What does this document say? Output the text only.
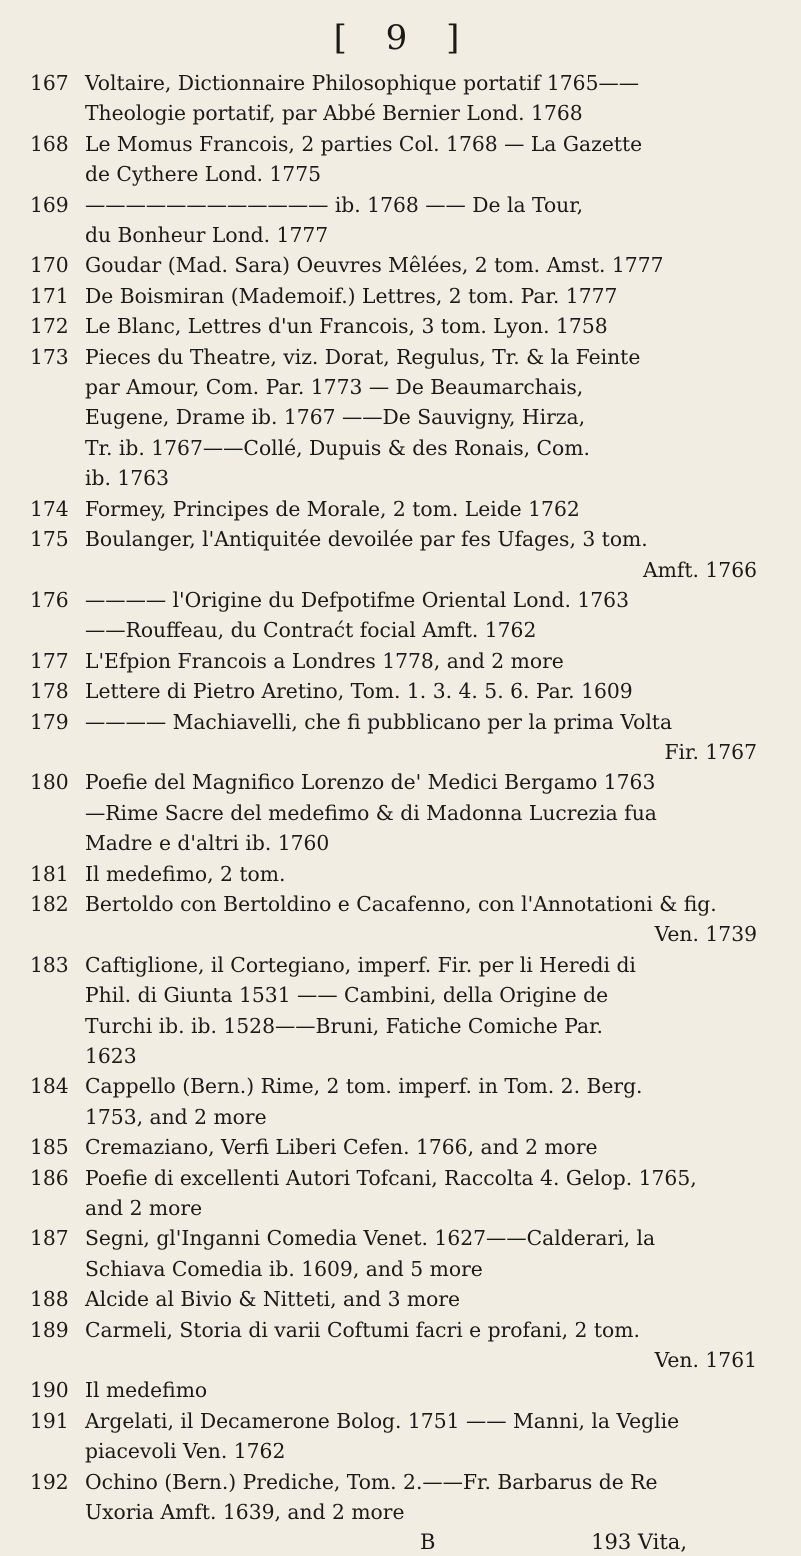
[ 9 ]
167 Voltaire, Dictionnaire Philosophique portatif 1765——
Theologie portatif, par Abbé Bernier Lond. 1768
168 Le Momus Francois, 2 parties Col. 1768 — La Gazette
de Cythere Lond. 1775
169 ———————————— ib. 1768 —— De la Tour,
du Bonheur Lond. 1777
170 Goudar (Mad. Sara) Oeuvres Mêlées, 2 tom. Amst. 1777
171 De Boismiran (Mademoif.) Lettres, 2 tom. Par. 1777
172 Le Blanc, Lettres d'un Francois, 3 tom. Lyon. 1758
173 Pieces du Theatre, viz. Dorat, Regulus, Tr. & la Feinte
par Amour, Com. Par. 1773 — De Beaumarchais,
Eugene, Drame ib. 1767 ——De Sauvigny, Hirza,
Tr. ib. 1767——Collé, Dupuis & des Ronais, Com.
ib. 1763
174 Formey, Principes de Morale, 2 tom. Leide 1762
175 Boulanger, l'Antiquitée devoilée par fes Ufages, 3 tom.
Amft. 1766
176 ———— l'Origine du Defpotifme Oriental Lond. 1763
——Rouffeau, du Contraćt focial Amft. 1762
177 L'Efpion Francois a Londres 1778, and 2 more
178 Lettere di Pietro Aretino, Tom. 1. 3. 4. 5. 6. Par. 1609
179 ———— Machiavelli, che fi pubblicano per la prima Volta
Fir. 1767
180 Poefie del Magnifico Lorenzo de' Medici Bergamo 1763
—Rime Sacre del medefimo & di Madonna Lucrezia fua
Madre e d'altri ib. 1760
181 Il medefimo, 2 tom.
182 Bertoldo con Bertoldino e Cacafenno, con l'Annotationi & fig.
Ven. 1739
183 Caftiglione, il Cortegiano, imperf. Fir. per li Heredi di
Phil. di Giunta 1531 —— Cambini, della Origine de
Turchi ib. ib. 1528——Bruni, Fatiche Comiche Par.
1623
184 Cappello (Bern.) Rime, 2 tom. imperf. in Tom. 2. Berg.
1753, and 2 more
185 Cremaziano, Verfi Liberi Cefen. 1766, and 2 more
186 Poefie di excellenti Autori Tofcani, Raccolta 4. Gelop. 1765,
and 2 more
187 Segni, gl'Inganni Comedia Venet. 1627——Calderari, la
Schiava Comedia ib. 1609, and 5 more
188 Alcide al Bivio & Nitteti, and 3 more
189 Carmeli, Storia di varii Coftumi facri e profani, 2 tom.
Ven. 1761
190 Il medefimo
191 Argelati, il Decamerone Bolog. 1751 —— Manni, la Veglie
piacevoli Ven. 1762
192 Ochino (Bern.) Prediche, Tom. 2.——Fr. Barbarus de Re
Uxoria Amft. 1639, and 2 more
B	193 Vita,
